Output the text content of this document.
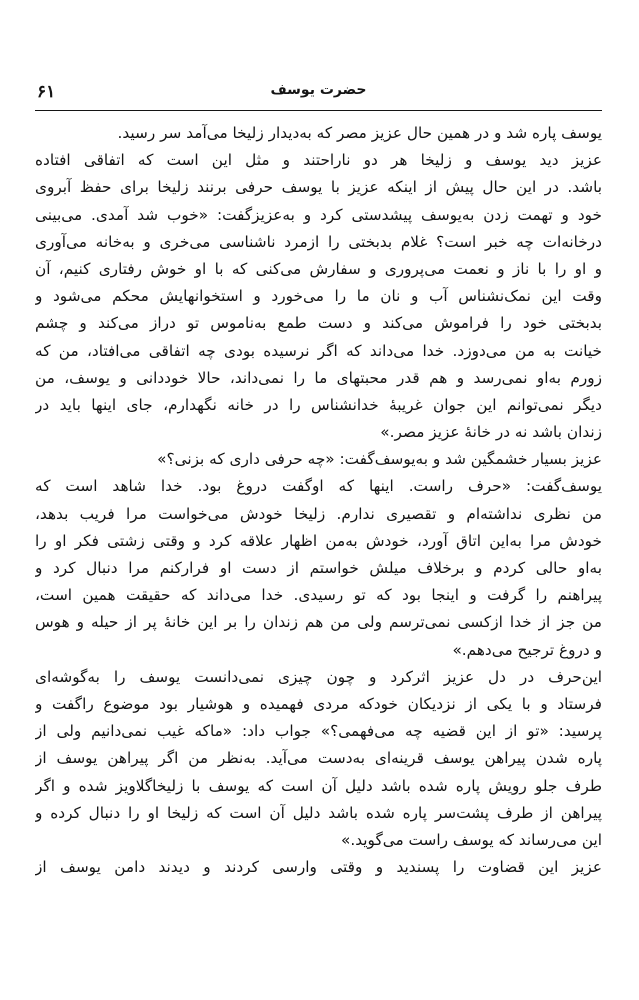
۶۱	حضرت یوسف
یوسف پاره شد و در همین حال عزیز مصر که به‌دیدار زلیخا می‌آمد سر رسید.
عزیز دید یوسف و زلیخا هر دو ناراحتند و مثل این است که اتفاقی افتاده
باشد. در این حال پیش از اینکه عزیز با یوسف حرفی برنند زلیخا برای حفظ آبروی
خود و تهمت زدن به‌یوسف پیشدستی کرد و به‌عزیزگفت: «خوب شد آمدی. می‌بینی
درخانه‌ات چه خبر است؟ غلام بدبختی را ازمرد ناشناسی می‌خری و به‌خانه می‌آوری
و او را با ناز و نعمت می‌پروری و سفارش می‌کنی که با او خوش رفتاری کنیم، آن
وقت این نمک‌نشناس آب و نان ما را می‌خورد و استخوانهایش محکم می‌شود و
بدبختی خود را فراموش می‌کند و دست طمع به‌ناموس تو دراز می‌کند و چشم
خیانت به من می‌دوزد. خدا می‌داند که اگر نرسیده بودی چه اتفاقی می‌افتاد، من که
زورم به‌او نمی‌رسد و هم قدر محبتهای ما را نمی‌داند، حالا خوددانی و یوسف، من
دیگر نمی‌توانم این جوان غریبهٔ خدانشناس را در خانه نگهدارم، جای اینها باید در
زندان باشد نه در خانهٔ عزیز مصر.»
عزیز بسیار خشمگین شد و به‌یوسف‌گفت: «چه حرفی داری که بزنی؟»
یوسف‌گفت: «حرف راست. اینها که اوگفت دروغ بود. خدا شاهد است که
من نظری نداشته‌ام و تقصیری ندارم. زلیخا خودش می‌خواست مرا فریب بدهد،
خودش مرا به‌این اتاق آورد، خودش به‌من اظهار علاقه کرد و وقتی زشتی فکر او را
به‌او حالی کردم و برخلاف میلش خواستم از دست او فرارکنم مرا دنبال کرد و
پیراهنم را گرفت و اینجا بود که تو رسیدی. خدا می‌داند که حقیقت همین است،
من جز از خدا ازکسی نمی‌ترسم ولی من هم زندان را بر این خانهٔ پر از حیله و هوس
و دروغ ترجیح می‌دهم.»
این‌حرف در دل عزیز اثرکرد و چون چیزی نمی‌دانست یوسف را به‌گوشه‌ای
فرستاد و با یکی از نزدیکان خودکه مردی فهمیده و هوشیار بود موضوع راگفت و
پرسید: «تو از این قضیه چه می‌فهمی؟» جواب داد: «ماکه غیب نمی‌دانیم ولی از
پاره شدن پیراهن یوسف قرینه‌ای به‌دست می‌آید. به‌نظر من اگر پیراهن یوسف از
طرف جلو رویش پاره شده باشد دلیل آن است که یوسف با زلیخاگلاویز شده و اگر
پیراهن از طرف پشت‌سر پاره شده باشد دلیل آن است که زلیخا او را دنبال کرده و
این می‌رساند که یوسف راست می‌گوید.»
عزیز این قضاوت را پسندید و وقتی وارسی کردند و دیدند دامن یوسف از
